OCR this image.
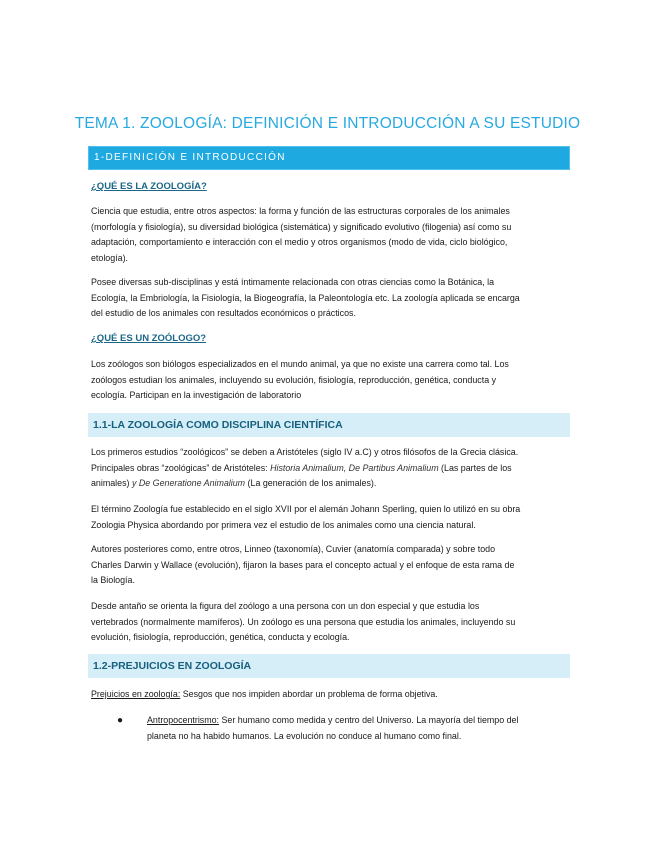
TEMA 1. ZOOLOGÍA: DEFINICIÓN E INTRODUCCIÓN A SU ESTUDIO
1-DEFINICIÓN E INTRODUCCIÓN
¿QUÉ ES LA ZOOLOGÍA?
Ciencia que estudia, entre otros aspectos: la forma y función de las estructuras corporales de los animales
(morfología y fisiología), su diversidad biológica (sistemática) y significado evolutivo (filogenia) así como su
adaptación, comportamiento e interacción con el medio y otros organismos (modo de vida, ciclo biológico,
etología).
Posee diversas sub-disciplinas y está íntimamente relacionada con otras ciencias como la Botánica, la
Ecología, la Embriología, la Fisiología, la Biogeografía, la Paleontología etc. La zoología aplicada se encarga
del estudio de los animales con resultados económicos o prácticos.
¿QUÉ ES UN ZOÓLOGO?
Los zoólogos son biólogos especializados en el mundo animal, ya que no existe una carrera como tal. Los
zoólogos estudian los animales, incluyendo su evolución, fisiología, reproducción, genética, conducta y
ecología. Participan en la investigación de laboratorio
1.1-LA ZOOLOGÍA COMO DISCIPLINA CIENTÍFICA
Los primeros estudios “zoológicos” se deben a Aristóteles (siglo IV a.C) y otros filósofos de la Grecia clásica.
Principales obras “zoológicas” de Aristóteles: Historia Animalium, De Partibus Animalium (Las partes de los
animales) y De Generatione Animalium (La generación de los animales).
El término Zoología fue establecido en el siglo XVII por el alemán Johann Sperling, quien lo utilizó en su obra
Zoologia Physica abordando por primera vez el estudio de los animales como una ciencia natural.
Autores posteriores como, entre otros, Linneo (taxonomía), Cuvier (anatomía comparada) y sobre todo
Charles Darwin y Wallace (evolución), fijaron la bases para el concepto actual y el enfoque de esta rama de
la Biología.
Desde antaño se orienta la figura del zoólogo a una persona con un don especial y que estudia los
vertebrados (normalmente mamíferos). Un zoólogo es una persona que estudia los animales, incluyendo su
evolución, fisiología, reproducción, genética, conducta y ecología.
1.2-PREJUICIOS EN ZOOLOGÍA
Prejuicios en zoología: Sesgos que nos impiden abordar un problema de forma objetiva.
●	Antropocentrismo: Ser humano como medida y centro del Universo. La mayoría del tiempo del
planeta no ha habido humanos. La evolución no conduce al humano como final.
